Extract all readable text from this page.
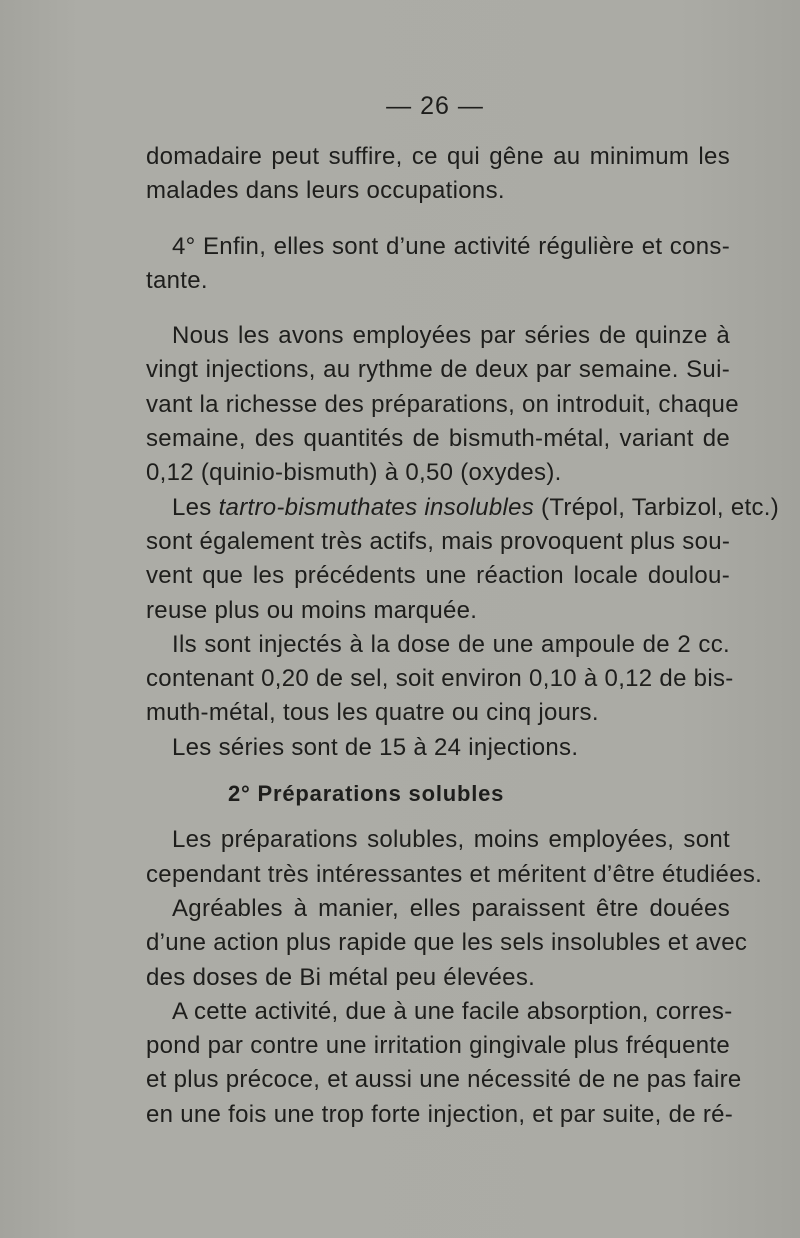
— 26 —
domadaire peut suffire, ce qui gêne au minimum les
malades dans leurs occupations.
4° Enfin, elles sont d’une activité régulière et cons-
tante.
Nous les avons employées par séries de quinze à
vingt injections, au rythme de deux par semaine. Sui-
vant la richesse des préparations, on introduit, chaque
semaine, des quantités de bismuth-métal, variant de
0,12 (quinio-bismuth) à 0,50 (oxydes).
Les tartro-bismuthates insolubles (Trépol, Tarbizol, etc.)
sont également très actifs, mais provoquent plus sou-
vent que les précédents une réaction locale doulou-
reuse plus ou moins marquée.
Ils sont injectés à la dose de une ampoule de 2 cc.
contenant 0,20 de sel, soit environ 0,10 à 0,12 de bis-
muth-métal, tous les quatre ou cinq jours.
Les séries sont de 15 à 24 injections.
2° Préparations solubles
Les préparations solubles, moins employées, sont
cependant très intéressantes et méritent d’être étudiées.
Agréables à manier, elles paraissent être douées
d’une action plus rapide que les sels insolubles et avec
des doses de Bi métal peu élevées.
A cette activité, due à une facile absorption, corres-
pond par contre une irritation gingivale plus fréquente
et plus précoce, et aussi une nécessité de ne pas faire
en une fois une trop forte injection, et par suite, de ré-
